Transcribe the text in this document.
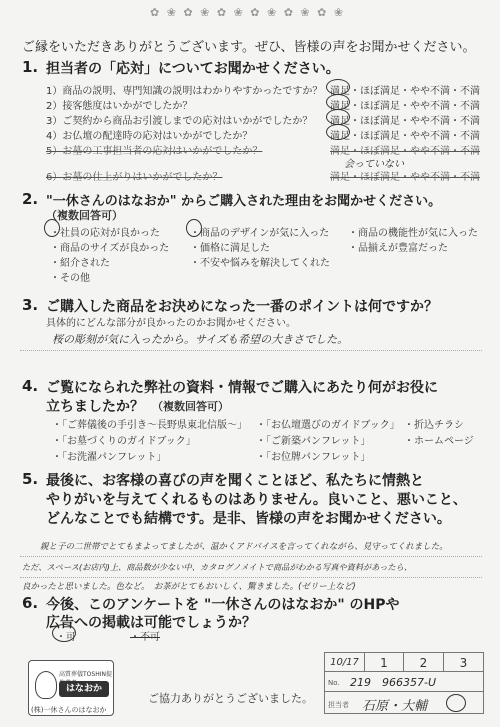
✿ ❀ ✿ ❀ ✿ ❀ ✿ ❀ ✿ ❀ ✿ ❀
ご縁をいただきありがとうございます。ぜひ、皆様の声をお聞かせください。
1. 担当者の「応対」についてお聞かせください。
1）商品の説明、専門知識の説明はわかりやすかったですか？ 満足・ほぼ満足・やや不満・不満
2）接客態度はいかがでしたか？	満足・ほぼ満足・やや不満・不満
3）ご契約から商品お引渡しまでの応対はいかがでしたか？ 満足・ほぼ満足・やや不満・不満
4）お仏壇の配達時の応対はいかがでしたか？	満足・ほぼ満足・やや不満・不満
5）お墓の工事担当者の応対はいかがでしたか？	満足・ほぼ満足・やや不満・不満
会っていない
6）お墓の仕上がりはいかがでしたか？	満足・ほぼ満足・やや不満・不満
2. "一休さんのはなおか" からご購入された理由をお聞かせください。
（複数回答可）
・社員の応対が良かった	・商品のデザインが気に入った ・商品の機能性が気に入った
・商品のサイズが良かった ・価格に満足した	・品揃えが豊富だった
・紹介された	・不安や悩みを解決してくれた
・その他
3. ご購入した商品をお決めになった一番のポイントは何ですか？
具体的にどんな部分が良かったのかお聞かせください。
桜の彫刻が気に入ったから。サイズも希望の大きさでした。
4. ご覧になられた弊社の資料・情報でご購入にあたり何がお役に
立ちましたか？ （複数回答可）
・「ご葬儀後の手引き～長野県東北信版～」 ・「お仏壇選びのガイドブック」 ・折込チラシ
・「お墓づくりのガイドブック」	・「ご新築パンフレット」	・ホームページ
・「お洗濯パンフレット」	・「お位牌パンフレット」
5. 最後に、お客様の喜びの声を聞くことほど、私たちに情熱と
やりがいを与えてくれるものはありません。良いこと、悪いこと、
どんなことでも結構です。是非、皆様の声をお聞かせください。
親と子の二世帯でとてもまよってましたが、温かくアドバイスを言ってくれながら、見守ってくれました。
ただ、スペース(お店内)上、商品数が少ない中、カタログノメイトで商品がわかる写真や資料があったら、
良かったと思いました。色など。　お茶がとてもおいしく、驚きました。(ゼリー上など)
6. 今後、このアンケートを "一休さんのはなおか" のHPや
広告への掲載は可能でしょうか？
・可	・不可
高質葬儀TOSHIN提
はなおか
(株)一休さんのはなおか
ご協力ありがとうございました。
10/17	1	2	3
No. 219　966357-U
担当者 石原・大輔
